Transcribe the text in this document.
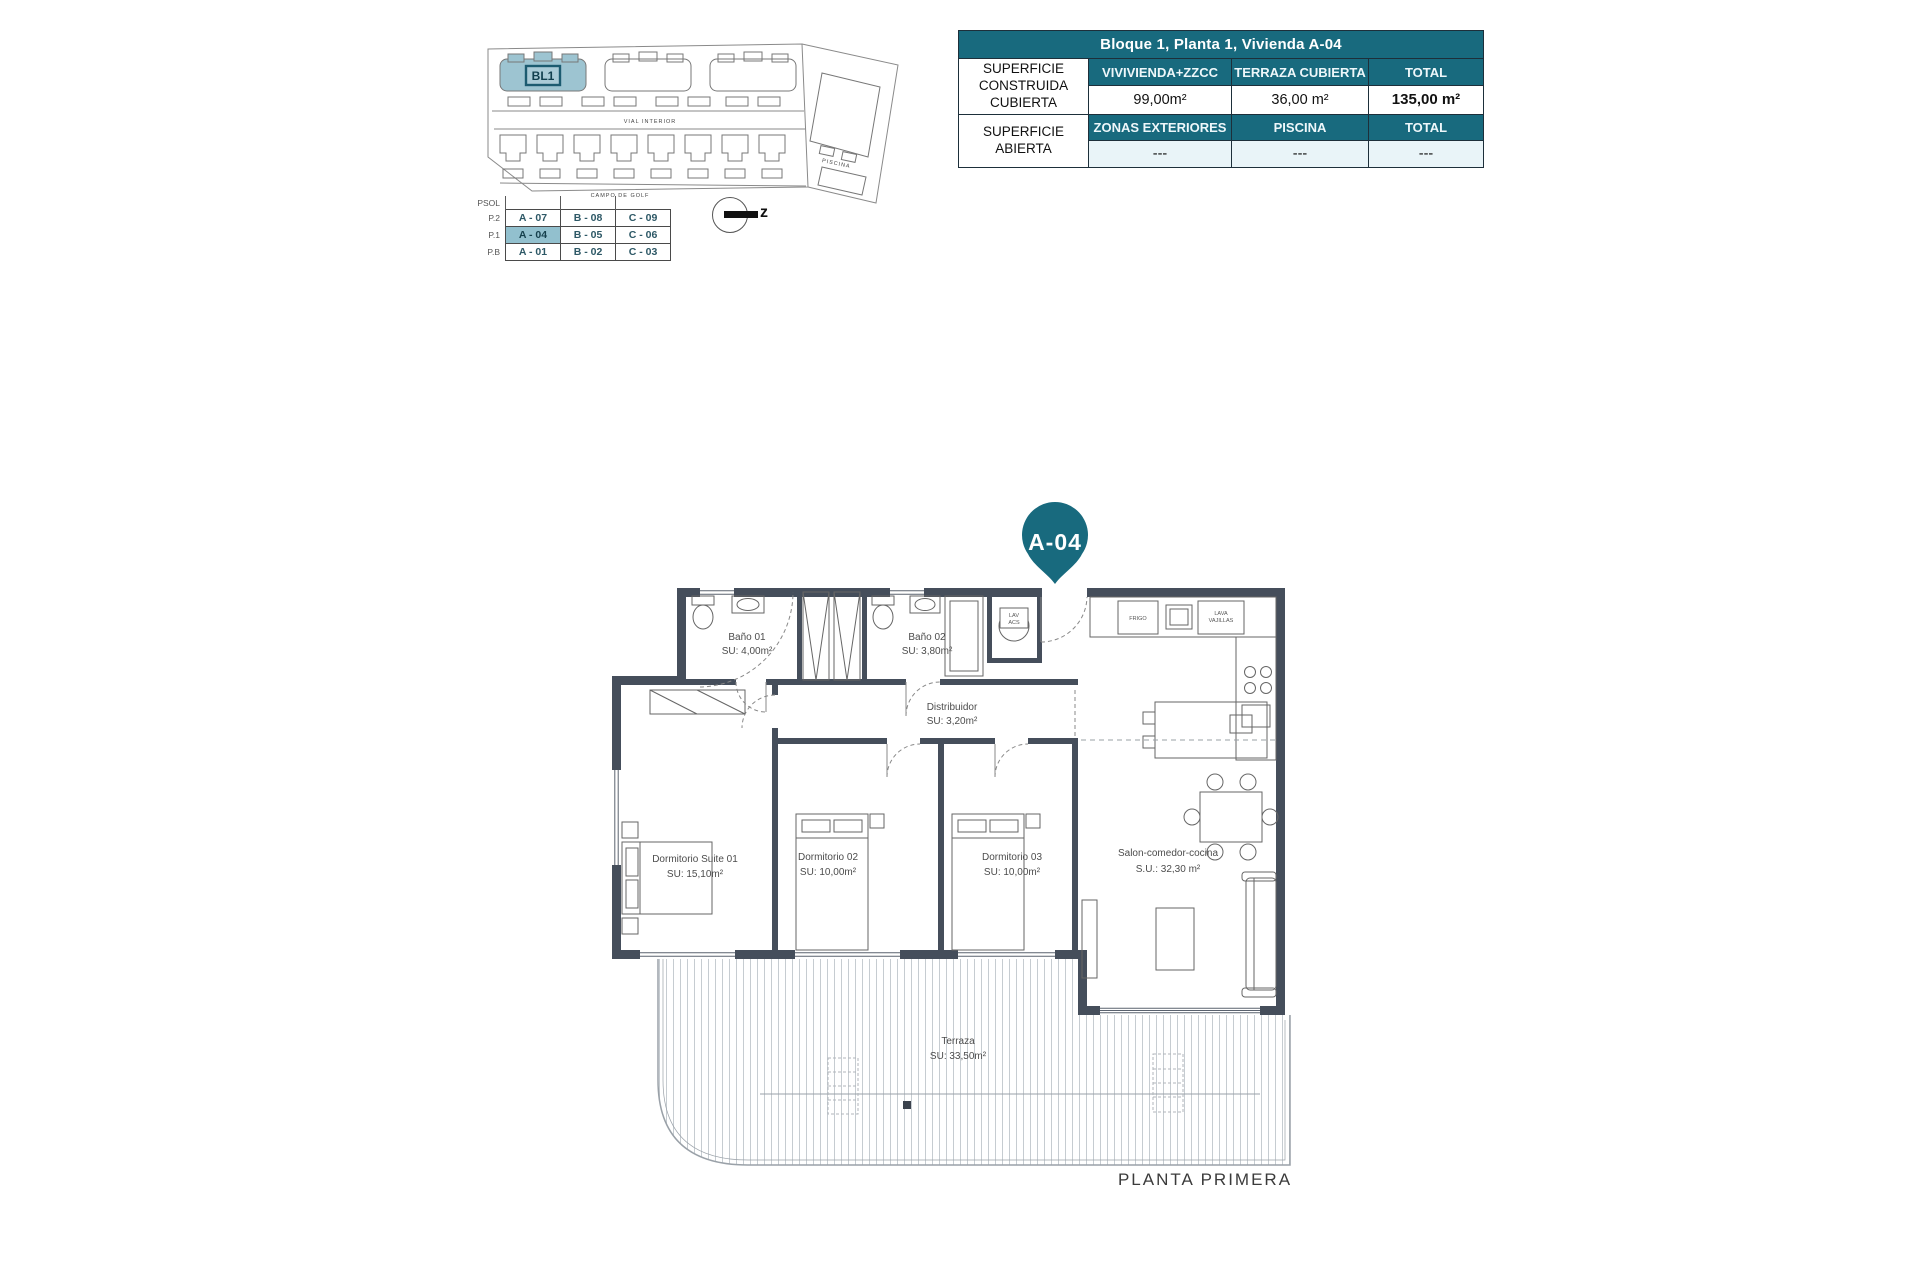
BL1
VIAL INTERIOR
CAMPO DE GOLF
PISCINA
PSOL			
P.2	A - 07	B - 08	C - 09
P.1	A - 04	B - 05	C - 06
P.B	A - 01	B - 02	C - 03
z
Bloque 1, Planta 1, Vivienda A-04			
SUPERFICIE CONSTRUIDA CUBIERTA	VIVIVIENDA+ZZCC	TERRAZA CUBIERTA	TOTAL
	99,00m²	36,00 m²	135,00 m²
SUPERFICIE ABIERTA	ZONAS EXTERIORES	PISCINA	TOTAL
	---	---	---
Baño 01
SU: 4,00m²
Baño 02
SU: 3,80m²
Distribuidor
SU: 3,20m²
Dormitorio Suite 01
SU: 15,10m²
Dormitorio 02
SU: 10,00m²
Dormitorio 03
SU: 10,00m²
Salon-comedor-cocina
S.U.: 32,30 m²
Terraza
SU: 33,50m²
FRIGO
LAVA
VAJILLAS
LAV
ACS
A-04
PLANTA PRIMERA
